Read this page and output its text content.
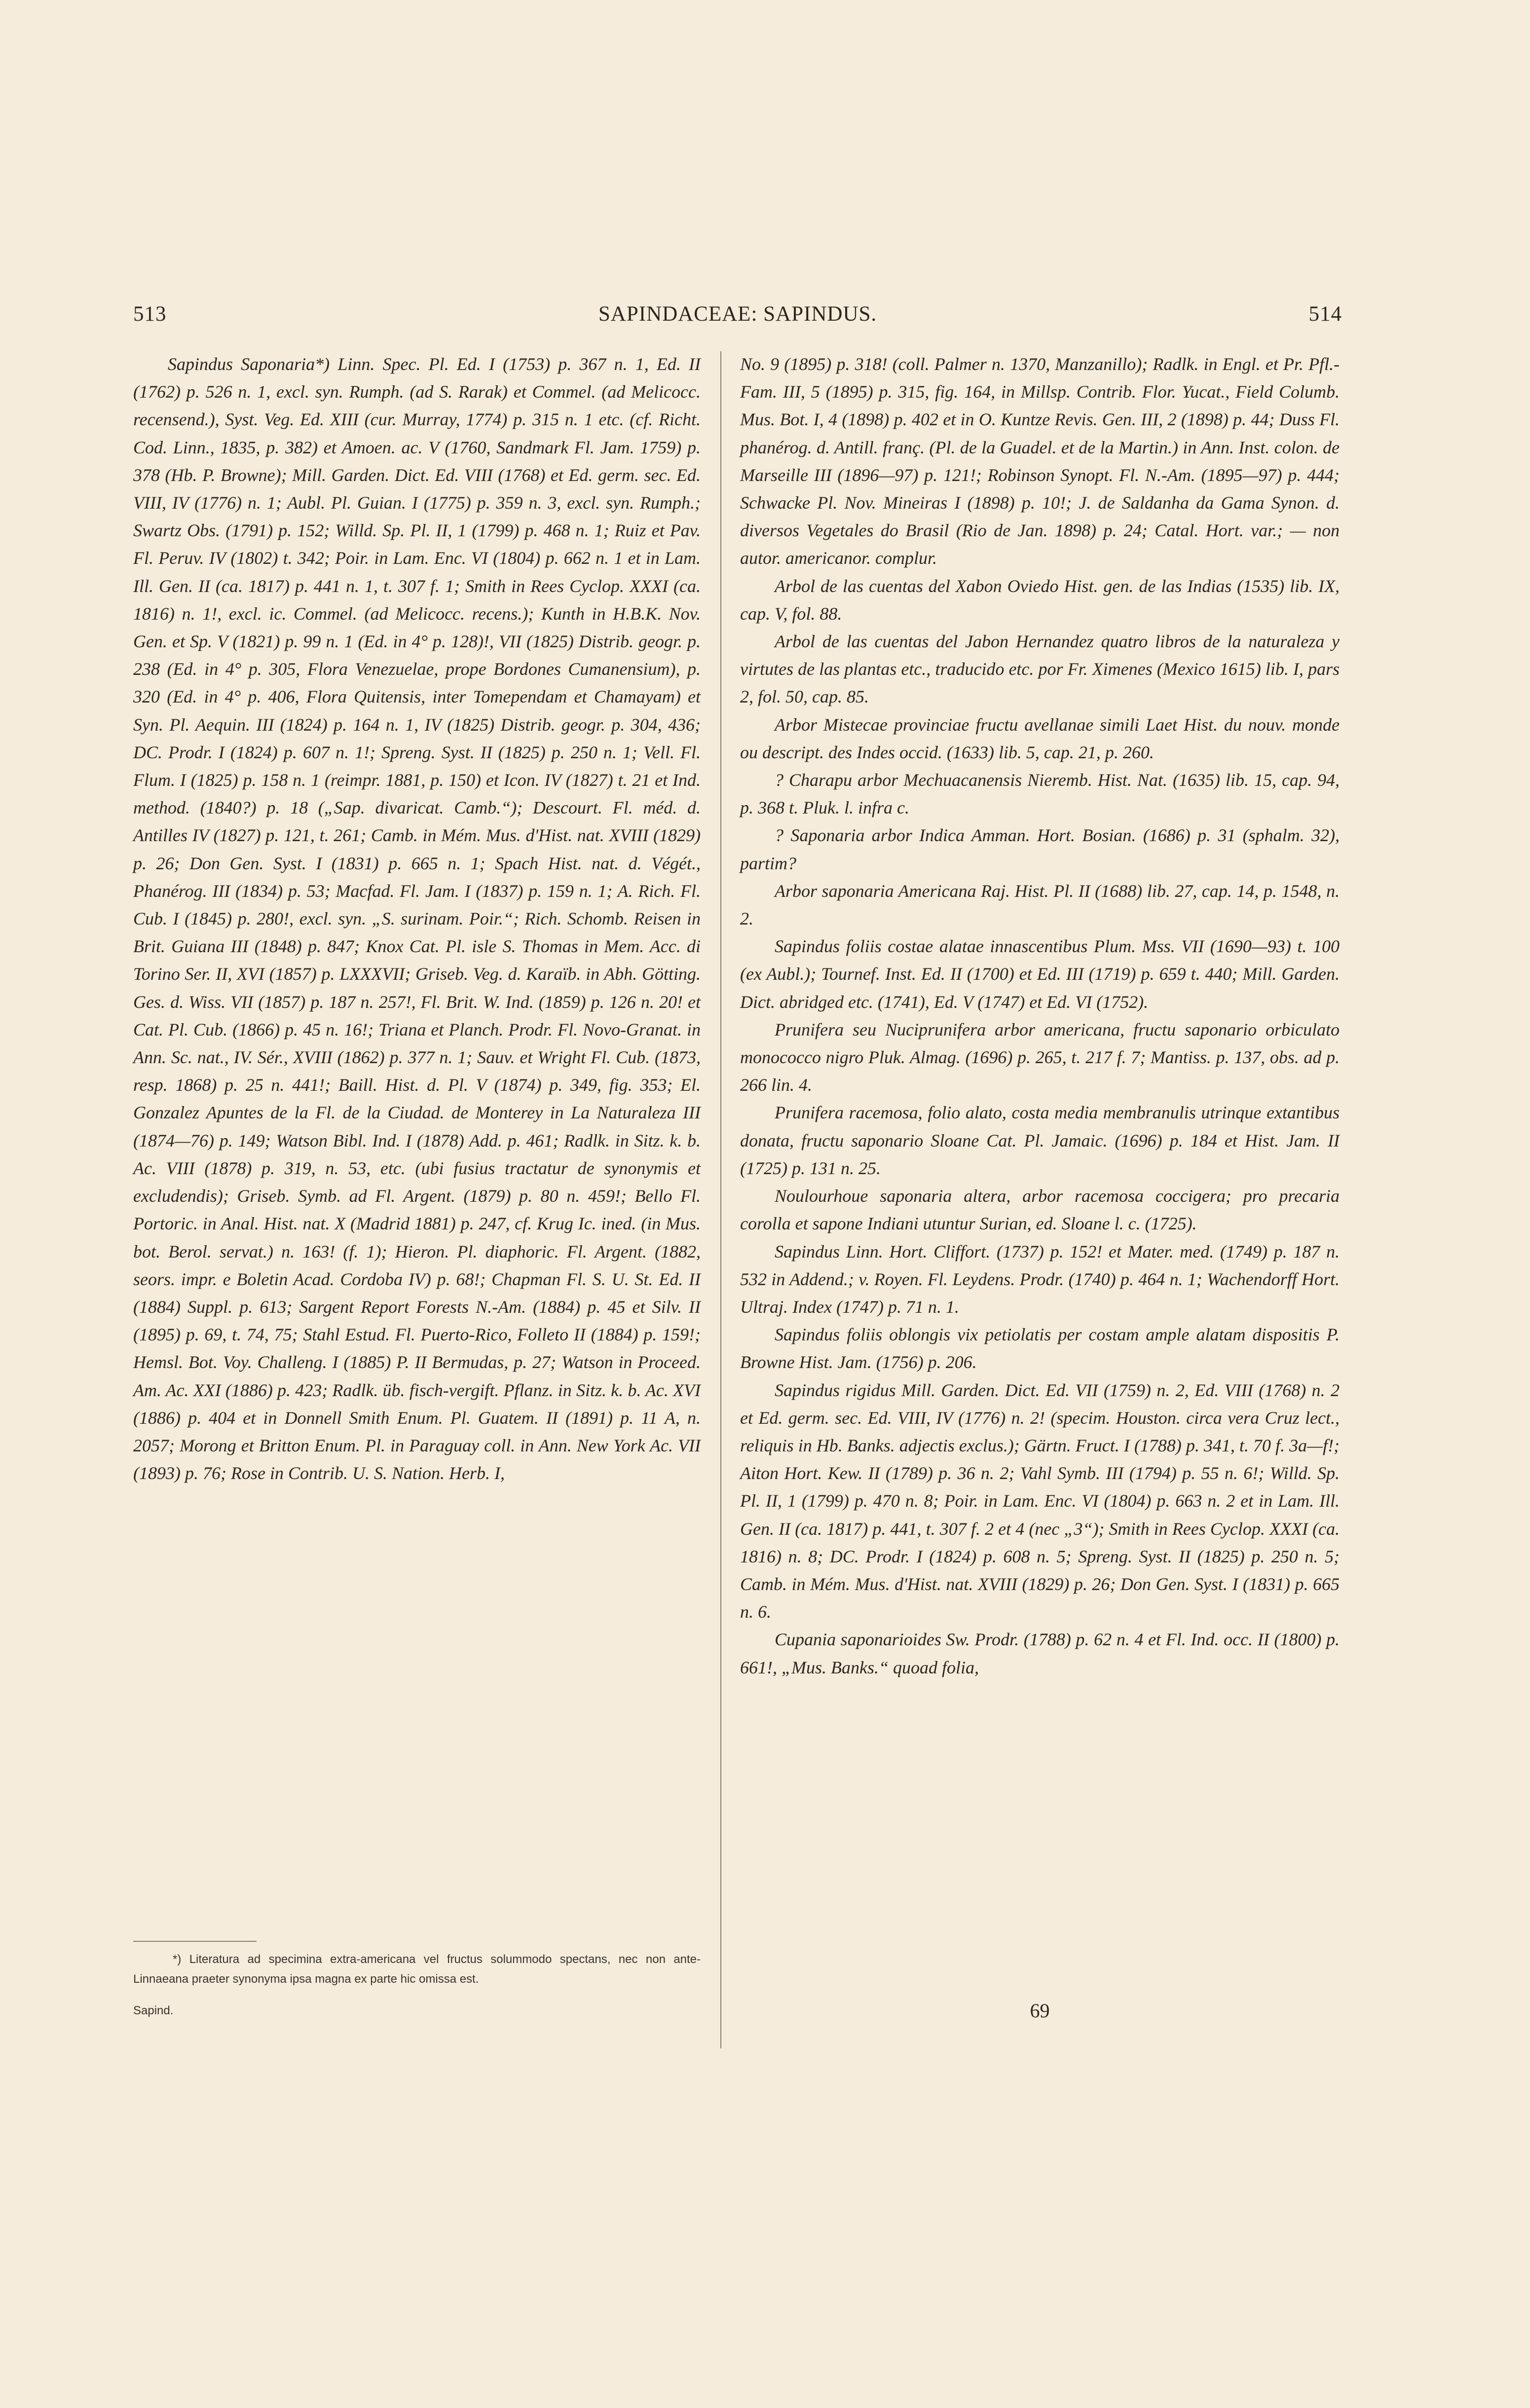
513	SAPINDACEAE: SAPINDUS.	514

Sapindus Saponaria*) Linn. Spec. Pl. Ed. I (1753) p. 367 n. 1, Ed. II (1762) p. 526 n. 1, excl. syn. Rumph. (ad S. Rarak) et Commel. (ad Melicocc. recensend.), Syst. Veg. Ed. XIII (cur. Murray, 1774) p. 315 n. 1 etc. (cf. Richt. Cod. Linn., 1835, p. 382) et Amoen. ac. V (1760, Sandmark Fl. Jam. 1759) p. 378 (Hb. P. Browne); Mill. Garden. Dict. Ed. VIII (1768) et Ed. germ. sec. Ed. VIII, IV (1776) n. 1; Aubl. Pl. Guian. I (1775) p. 359 n. 3, excl. syn. Rumph.; Swartz Obs. (1791) p. 152; Willd. Sp. Pl. II, 1 (1799) p. 468 n. 1; Ruiz et Pav. Fl. Peruv. IV (1802) t. 342; Poir. in Lam. Enc. VI (1804) p. 662 n. 1 et in Lam. Ill. Gen. II (ca. 1817) p. 441 n. 1, t. 307 f. 1; Smith in Rees Cyclop. XXXI (ca. 1816) n. 1!, excl. ic. Commel. (ad Melicocc. recens.); Kunth in H.B.K. Nov. Gen. et Sp. V (1821) p. 99 n. 1 (Ed. in 4° p. 128)!, VII (1825) Distrib. geogr. p. 238 (Ed. in 4° p. 305, Flora Venezuelae, prope Bordones Cumanensium), p. 320 (Ed. in 4° p. 406, Flora Quitensis, inter Tomependam et Chamayam) et Syn. Pl. Aequin. III (1824) p. 164 n. 1, IV (1825) Distrib. geogr. p. 304, 436; DC. Prodr. I (1824) p. 607 n. 1!; Spreng. Syst. II (1825) p. 250 n. 1; Vell. Fl. Flum. I (1825) p. 158 n. 1 (reimpr. 1881, p. 150) et Icon. IV (1827) t. 21 et Ind. method. (1840?) p. 18 („Sap. divaricat. Camb.“); Descourt. Fl. méd. d. Antilles IV (1827) p. 121, t. 261; Camb. in Mém. Mus. d'Hist. nat. XVIII (1829) p. 26; Don Gen. Syst. I (1831) p. 665 n. 1; Spach Hist. nat. d. Végét., Phanérog. III (1834) p. 53; Macfad. Fl. Jam. I (1837) p. 159 n. 1; A. Rich. Fl. Cub. I (1845) p. 280!, excl. syn. „S. surinam. Poir.“; Rich. Schomb. Reisen in Brit. Guiana III (1848) p. 847; Knox Cat. Pl. isle S. Thomas in Mem. Acc. di Torino Ser. II, XVI (1857) p. LXXXVII; Griseb. Veg. d. Karaïb. in Abh. Götting. Ges. d. Wiss. VII (1857) p. 187 n. 257!, Fl. Brit. W. Ind. (1859) p. 126 n. 20! et Cat. Pl. Cub. (1866) p. 45 n. 16!; Triana et Planch. Prodr. Fl. Novo-Granat. in Ann. Sc. nat., IV. Sér., XVIII (1862) p. 377 n. 1; Sauv. et Wright Fl. Cub. (1873, resp. 1868) p. 25 n. 441!; Baill. Hist. d. Pl. V (1874) p. 349, fig. 353; El. Gonzalez Apuntes de la Fl. de la Ciudad. de Monterey in La Naturaleza III (1874—76) p. 149; Watson Bibl. Ind. I (1878) Add. p. 461; Radlk. in Sitz. k. b. Ac. VIII (1878) p. 319, n. 53, etc. (ubi fusius tractatur de synonymis et excludendis); Griseb. Symb. ad Fl. Argent. (1879) p. 80 n. 459!; Bello Fl. Portoric. in Anal. Hist. nat. X (Madrid 1881) p. 247, cf. Krug Ic. ined. (in Mus. bot. Berol. servat.) n. 163! (f. 1); Hieron. Pl. diaphoric. Fl. Argent. (1882, seors. impr. e Boletin Acad. Cordoba IV) p. 68!; Chapman Fl. S. U. St. Ed. II (1884) Suppl. p. 613; Sargent Report Forests N.-Am. (1884) p. 45 et Silv. II (1895) p. 69, t. 74, 75; Stahl Estud. Fl. Puerto-Rico, Folleto II (1884) p. 159!; Hemsl. Bot. Voy. Challeng. I (1885) P. II Bermudas, p. 27; Watson in Proceed. Am. Ac. XXI (1886) p. 423; Radlk. üb. fisch-vergift. Pflanz. in Sitz. k. b. Ac. XVI (1886) p. 404 et in Donnell Smith Enum. Pl. Guatem. II (1891) p. 11 A, n. 2057; Morong et Britton Enum. Pl. in Paraguay coll. in Ann. New York Ac. VII (1893) p. 76; Rose in Contrib. U. S. Nation. Herb. I,

No. 9 (1895) p. 318! (coll. Palmer n. 1370, Manzanillo); Radlk. in Engl. et Pr. Pfl.-Fam. III, 5 (1895) p. 315, fig. 164, in Millsp. Contrib. Flor. Yucat., Field Columb. Mus. Bot. I, 4 (1898) p. 402 et in O. Kuntze Revis. Gen. III, 2 (1898) p. 44; Duss Fl. phanérog. d. Antill. franç. (Pl. de la Guadel. et de la Martin.) in Ann. Inst. colon. de Marseille III (1896—97) p. 121!; Robinson Synopt. Fl. N.-Am. (1895—97) p. 444; Schwacke Pl. Nov. Mineiras I (1898) p. 10!; J. de Saldanha da Gama Synon. d. diversos Vegetales do Brasil (Rio de Jan. 1898) p. 24; Catal. Hort. var.; — non autor. americanor. complur.

Arbol de las cuentas del Xabon Oviedo Hist. gen. de las Indias (1535) lib. IX, cap. V, fol. 88.

Arbol de las cuentas del Jabon Hernandez quatro libros de la naturaleza y virtutes de las plantas etc., traducido etc. por Fr. Ximenes (Mexico 1615) lib. I, pars 2, fol. 50, cap. 85.

Arbor Mistecae provinciae fructu avellanae simili Laet Hist. du nouv. monde ou descript. des Indes occid. (1633) lib. 5, cap. 21, p. 260.

? Charapu arbor Mechuacanensis Nieremb. Hist. Nat. (1635) lib. 15, cap. 94, p. 368 t. Pluk. l. infra c.

? Saponaria arbor Indica Amman. Hort. Bosian. (1686) p. 31 (sphalm. 32), partim?

Arbor saponaria Americana Raj. Hist. Pl. II (1688) lib. 27, cap. 14, p. 1548, n. 2.

Sapindus foliis costae alatae innascentibus Plum. Mss. VII (1690—93) t. 100 (ex Aubl.); Tournef. Inst. Ed. II (1700) et Ed. III (1719) p. 659 t. 440; Mill. Garden. Dict. abridged etc. (1741), Ed. V (1747) et Ed. VI (1752).

Prunifera seu Nuciprunifera arbor americana, fructu saponario orbiculato monococco nigro Pluk. Almag. (1696) p. 265, t. 217 f. 7; Mantiss. p. 137, obs. ad p. 266 lin. 4.

Prunifera racemosa, folio alato, costa media membranulis utrinque extantibus donata, fructu saponario Sloane Cat. Pl. Jamaic. (1696) p. 184 et Hist. Jam. II (1725) p. 131 n. 25.

Noulourhoue saponaria altera, arbor racemosa coccigera; pro precaria corolla et sapone Indiani utuntur Surian, ed. Sloane l. c. (1725).

Sapindus Linn. Hort. Cliffort. (1737) p. 152! et Mater. med. (1749) p. 187 n. 532 in Addend.; v. Royen. Fl. Leydens. Prodr. (1740) p. 464 n. 1; Wachendorff Hort. Ultraj. Index (1747) p. 71 n. 1.

Sapindus foliis oblongis vix petiolatis per costam ample alatam dispositis P. Browne Hist. Jam. (1756) p. 206.

Sapindus rigidus Mill. Garden. Dict. Ed. VII (1759) n. 2, Ed. VIII (1768) n. 2 et Ed. germ. sec. Ed. VIII, IV (1776) n. 2! (specim. Houston. circa vera Cruz lect., reliquis in Hb. Banks. adjectis exclus.); Gärtn. Fruct. I (1788) p. 341, t. 70 f. 3a—f!; Aiton Hort. Kew. II (1789) p. 36 n. 2; Vahl Symb. III (1794) p. 55 n. 6!; Willd. Sp. Pl. II, 1 (1799) p. 470 n. 8; Poir. in Lam. Enc. VI (1804) p. 663 n. 2 et in Lam. Ill. Gen. II (ca. 1817) p. 441, t. 307 f. 2 et 4 (nec „3“); Smith in Rees Cyclop. XXXI (ca. 1816) n. 8; DC. Prodr. I (1824) p. 608 n. 5; Spreng. Syst. II (1825) p. 250 n. 5; Camb. in Mém. Mus. d'Hist. nat. XVIII (1829) p. 26; Don Gen. Syst. I (1831) p. 665 n. 6.

Cupania saponarioides Sw. Prodr. (1788) p. 62 n. 4 et Fl. Ind. occ. II (1800) p. 661!, „Mus. Banks.“ quoad folia,

*) Literatura ad specimina extra-americana vel fructus solummodo spectans, nec non ante-Linnaeana praeter synonyma ipsa magna ex parte hic omissa est.
Sapind.	69
